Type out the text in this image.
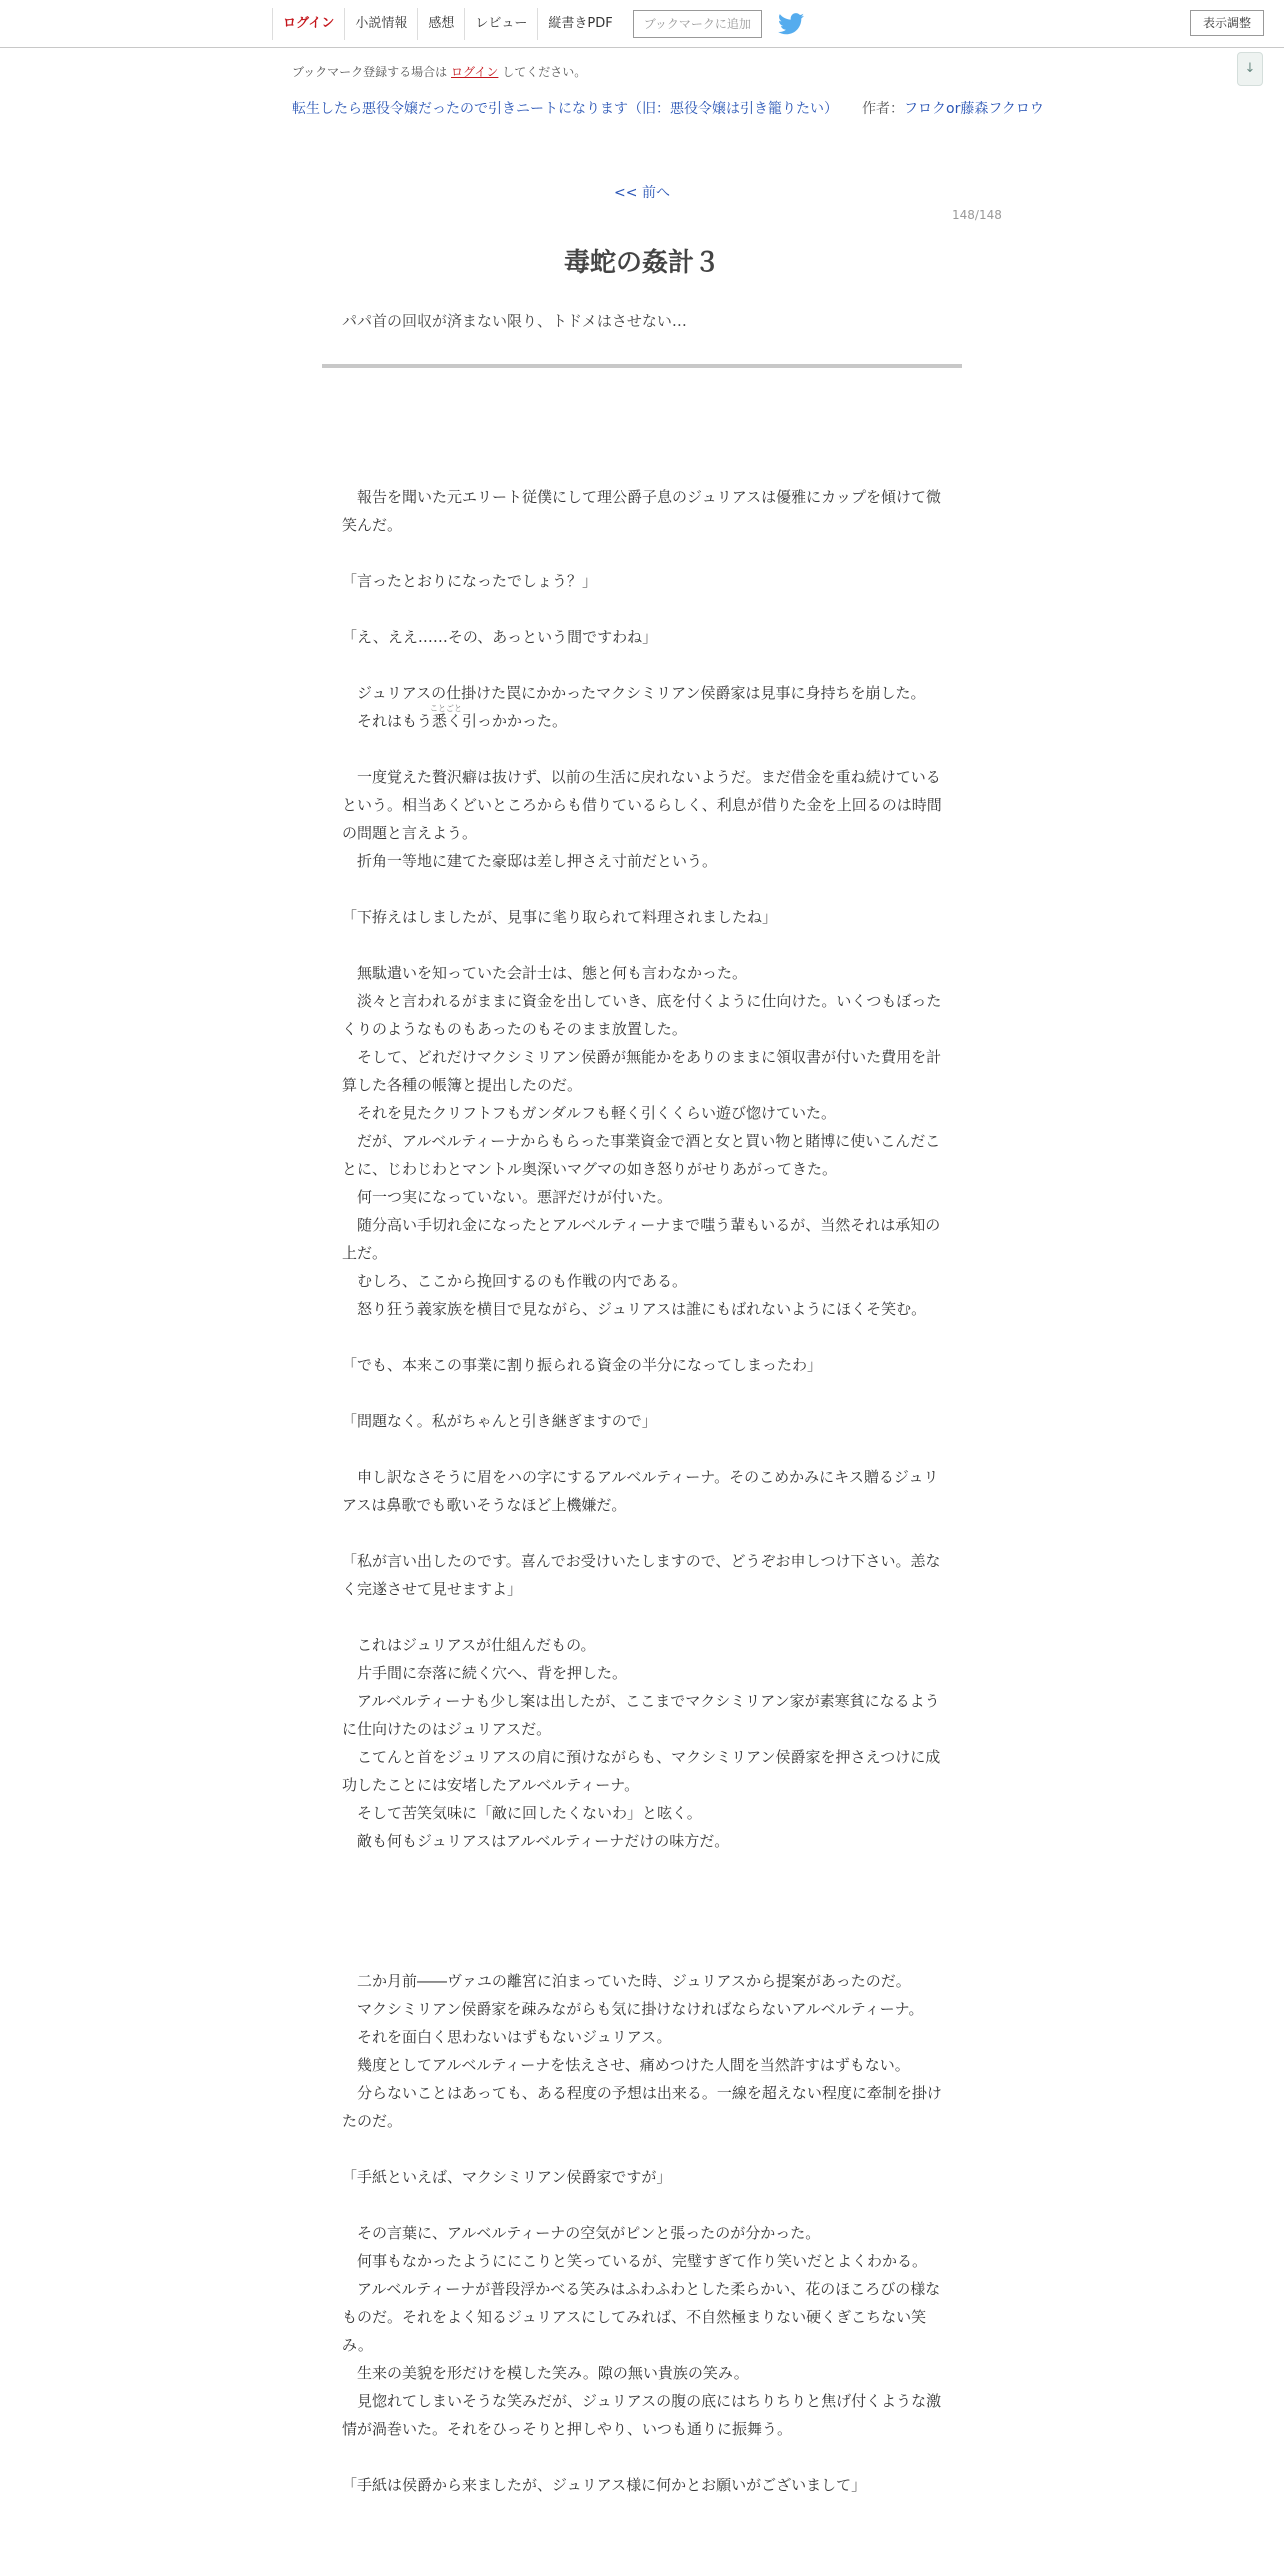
ログイン	小説情報	感想	レビュー	縦書きPDF	ブックマークに追加	表示調整
↓
ブックマーク登録する場合は ログイン してください。
転生したら悪役令嬢だったので引きニートになります（旧：悪役令嬢は引き籠りたい）	作者：フロクor藤森フクロウ
<< 前へ
148/148
毒蛇の姦計３
パパ首の回収が済まない限り、トドメはさせない…
　報告を聞いた元エリート従僕にして理公爵子息のジュリアスは優雅にカップを傾けて微笑んだ。
「言ったとおりになったでしょう？」
「え、ええ……その、あっという間ですわね」
　ジュリアスの仕掛けた罠にかかったマクシミリアン侯爵家は見事に身持ちを崩した。
　それはもう
ことごと
悉く引っかかった。
　一度覚えた贅沢癖は抜けず、以前の生活に戻れないようだ。まだ借金を重ね続けているという。相当あくどいところからも借りているらしく、利息が借りた金を上回るのは時間の問題と言えよう。
　折角一等地に建てた豪邸は差し押さえ寸前だという。
「下拵えはしましたが、見事に毟り取られて料理されましたね」
　無駄遣いを知っていた会計士は、態と何も言わなかった。
　淡々と言われるがままに資金を出していき、底を付くように仕向けた。いくつもぼったくりのようなものもあったのもそのまま放置した。
　そして、どれだけマクシミリアン侯爵が無能かをありのままに領収書が付いた費用を計算した各種の帳簿と提出したのだ。
　それを見たクリフトフもガンダルフも軽く引くくらい遊び惚けていた。
　だが、アルベルティーナからもらった事業資金で酒と女と買い物と賭博に使いこんだことに、じわじわとマントル奥深いマグマの如き怒りがせりあがってきた。
　何一つ実になっていない。悪評だけが付いた。
　随分高い手切れ金になったとアルベルティーナまで嗤う輩もいるが、当然それは承知の上だ。
　むしろ、ここから挽回するのも作戦の内である。
　怒り狂う義家族を横目で見ながら、ジュリアスは誰にもばれないようにほくそ笑む。
「でも、本来この事業に割り振られる資金の半分になってしまったわ」
「問題なく。私がちゃんと引き継ぎますので」
　申し訳なさそうに眉をハの字にするアルベルティーナ。そのこめかみにキス贈るジュリアスは鼻歌でも歌いそうなほど上機嫌だ。
「私が言い出したのです。喜んでお受けいたしますので、どうぞお申しつけ下さい。恙なく完遂させて見せますよ」
　これはジュリアスが仕組んだもの。
　片手間に奈落に続く穴へ、背を押した。
　アルベルティーナも少し案は出したが、ここまでマクシミリアン家が素寒貧になるように仕向けたのはジュリアスだ。
　こてんと首をジュリアスの肩に預けながらも、マクシミリアン侯爵家を押さえつけに成功したことには安堵したアルベルティーナ。
　そして苦笑気味に「敵に回したくないわ」と呟く。
　敵も何もジュリアスはアルベルティーナだけの味方だ。
　二か月前――ヴァユの離宮に泊まっていた時、ジュリアスから提案があったのだ。
　マクシミリアン侯爵家を疎みながらも気に掛けなければならないアルベルティーナ。
　それを面白く思わないはずもないジュリアス。
　幾度としてアルベルティーナを怯えさせ、痛めつけた人間を当然許すはずもない。
　分らないことはあっても、ある程度の予想は出来る。一線を超えない程度に牽制を掛けたのだ。
「手紙といえば、マクシミリアン侯爵家ですが」
　その言葉に、アルベルティーナの空気がピンと張ったのが分かった。
　何事もなかったようににこりと笑っているが、完璧すぎて作り笑いだとよくわかる。
　アルベルティーナが普段浮かべる笑みはふわふわとした柔らかい、花のほころびの様なものだ。それをよく知るジュリアスにしてみれば、不自然極まりない硬くぎこちない笑み。
　生来の美貌を形だけを模した笑み。隙の無い貴族の笑み。
　見惚れてしまいそうな笑みだが、ジュリアスの腹の底にはちりちりと焦げ付くような激情が渦巻いた。それをひっそりと押しやり、いつも通りに振舞う。
「手紙は侯爵から来ましたが、ジュリアス様に何かとお願いがございまして」
